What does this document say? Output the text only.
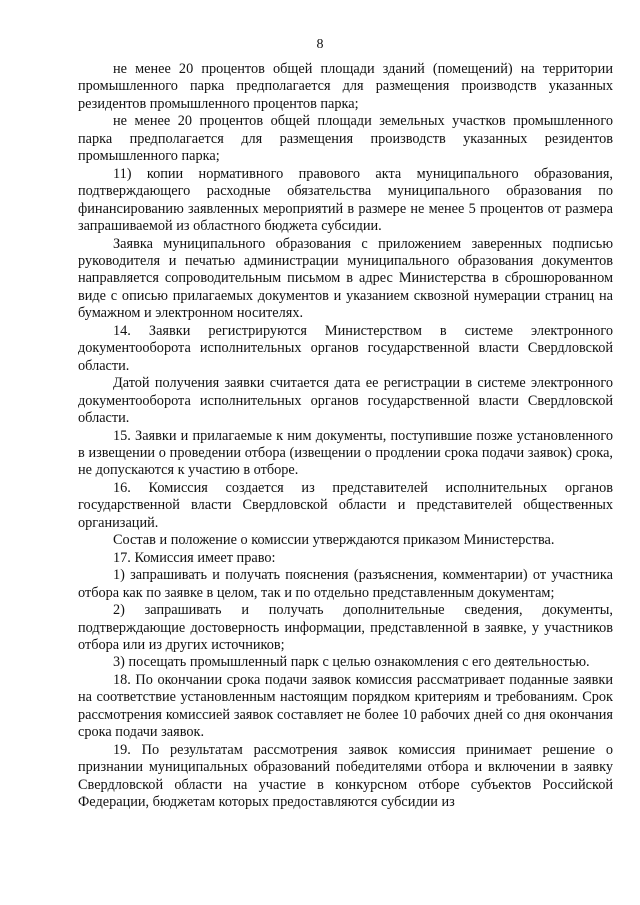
8

не менее 20 процентов общей площади зданий (помещений) на территории промышленного парка предполагается для размещения производств указанных резидентов промышленного процентов парка;

не менее 20 процентов общей площади земельных участков промышленного парка предполагается для размещения производств указанных резидентов промышленного парка;

11) копии нормативного правового акта муниципального образования, подтверждающего расходные обязательства муниципального образования по финансированию заявленных мероприятий в размере не менее 5 процентов от размера запрашиваемой из областного бюджета субсидии.

Заявка муниципального образования с приложением заверенных подписью руководителя и печатью администрации муниципального образования документов направляется сопроводительным письмом в адрес Министерства в сброшюрованном виде с описью прилагаемых документов и указанием сквозной нумерации страниц на бумажном и электронном носителях.

14. Заявки регистрируются Министерством в системе электронного документооборота исполнительных органов государственной власти Свердловской области.

Датой получения заявки считается дата ее регистрации в системе электронного документооборота исполнительных органов государственной власти Свердловской области.

15. Заявки и прилагаемые к ним документы, поступившие позже установленного в извещении о проведении отбора (извещении о продлении срока подачи заявок) срока, не допускаются к участию в отборе.

16. Комиссия создается из представителей исполнительных органов государственной власти Свердловской области и представителей общественных организаций.

Состав и положение о комиссии утверждаются приказом Министерства.

17. Комиссия имеет право:

1) запрашивать и получать пояснения (разъяснения, комментарии) от участника отбора как по заявке в целом, так и по отдельно представленным документам;

2) запрашивать и получать дополнительные сведения, документы, подтверждающие достоверность информации, представленной в заявке, у участников отбора или из других источников;

3) посещать промышленный парк с целью ознакомления с его деятельностью.

18. По окончании срока подачи заявок комиссия рассматривает поданные заявки на соответствие установленным настоящим порядком критериям и требованиям. Срок рассмотрения комиссией заявок составляет не более 10 рабочих дней со дня окончания срока подачи заявок.

19. По результатам рассмотрения заявок комиссия принимает решение о признании муниципальных образований победителями отбора и включении в заявку Свердловской области на участие в конкурсном отборе субъектов Российской Федерации, бюджетам которых предоставляются субсидии из
